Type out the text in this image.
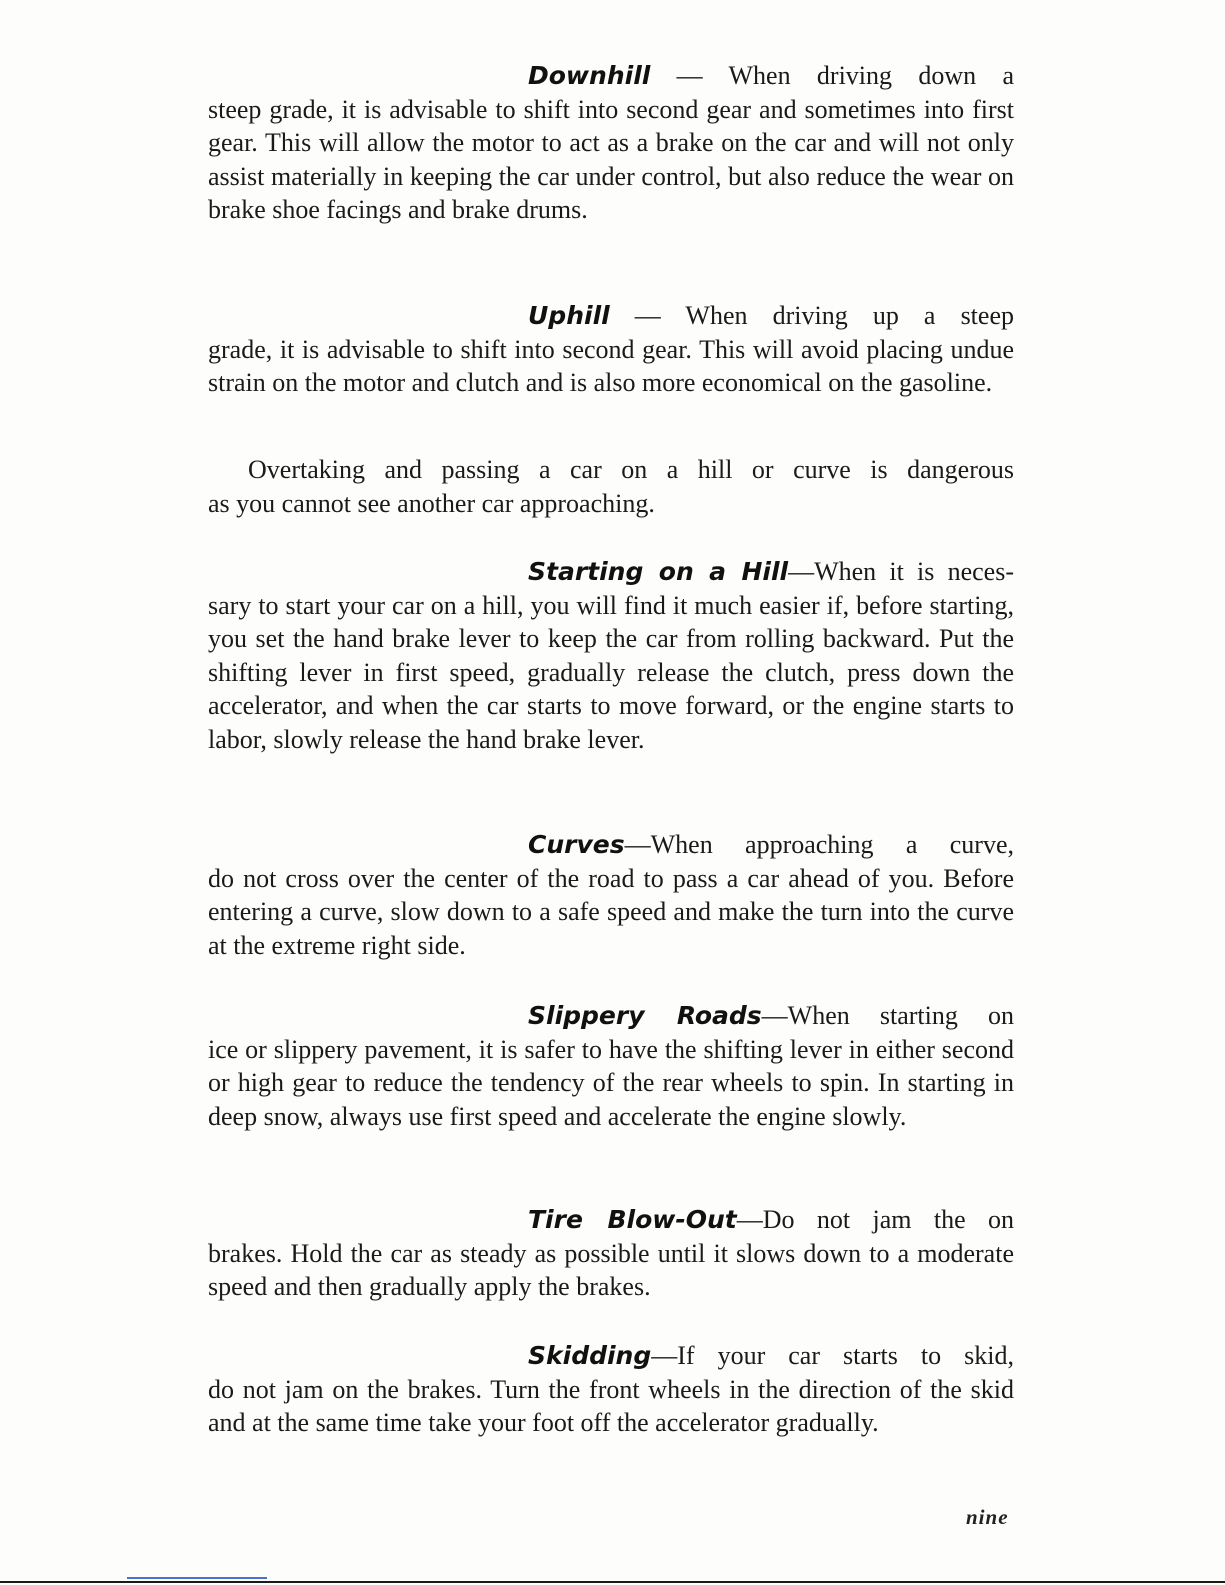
Downhill — When driving down a
steep grade, it is advisable to shift into second gear and sometimes into first gear. This will allow the motor to act as a brake on the car and will not only assist materially in keeping the car under control, but also reduce the wear on brake shoe facings and brake drums.

Uphill — When driving up a steep
grade, it is advisable to shift into second gear. This will avoid placing undue strain on the motor and clutch and is also more economical on the gasoline.

Overtaking and passing a car on a hill or curve is dangerous
as you cannot see another car approaching.

Starting on a Hill—When it is neces-
sary to start your car on a hill, you will find it much easier if, before starting, you set the hand brake lever to keep the car from rolling backward. Put the shifting lever in first speed, gradually release the clutch, press down the accelerator, and when the car starts to move forward, or the engine starts to labor, slowly release the hand brake lever.

Curves—When approaching a curve,
do not cross over the center of the road to pass a car ahead of you. Before entering a curve, slow down to a safe speed and make the turn into the curve at the extreme right side.

Slippery Roads—When starting on
ice or slippery pavement, it is safer to have the shifting lever in either second or high gear to reduce the tendency of the rear wheels to spin. In starting in deep snow, always use first speed and accelerate the engine slowly.

Tire Blow-Out—Do not jam the on
brakes. Hold the car as steady as possible until it slows down to a moderate speed and then gradually apply the brakes.

Skidding—If your car starts to skid,
do not jam on the brakes. Turn the front wheels in the direction of the skid and at the same time take your foot off the accelerator gradually.

nine
